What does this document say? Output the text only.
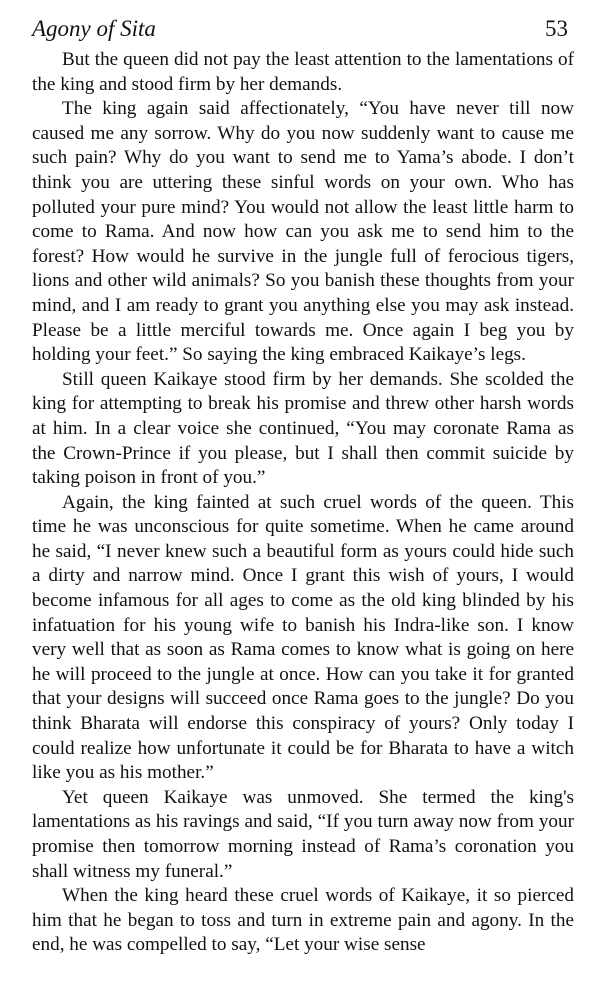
Agony of Sita	53

But the queen did not pay the least attention to the lamentations of the king and stood firm by her demands.

The king again said affectionately, “You have never till now caused me any sorrow. Why do you now suddenly want to cause me such pain? Why do you want to send me to Yama’s abode. I don’t think you are uttering these sinful words on your own. Who has polluted your pure mind? You would not allow the least little harm to come to Rama. And now how can you ask me to send him to the forest? How would he survive in the jungle full of ferocious tigers, lions and other wild animals? So you banish these thoughts from your mind, and I am ready to grant you anything else you may ask instead. Please be a little merciful towards me. Once again I beg you by holding your feet.” So saying the king embraced Kaikaye’s legs.

Still queen Kaikaye stood firm by her demands. She scolded the king for attempting to break his promise and threw other harsh words at him. In a clear voice she continued, “You may coronate Rama as the Crown-Prince if you please, but I shall then commit suicide by taking poison in front of you.”

Again, the king fainted at such cruel words of the queen. This time he was unconscious for quite sometime. When he came around he said, “I never knew such a beautiful form as yours could hide such a dirty and narrow mind. Once I grant this wish of yours, I would become infamous for all ages to come as the old king blinded by his infatuation for his young wife to banish his Indra-like son. I know very well that as soon as Rama comes to know what is going on here he will proceed to the jungle at once. How can you take it for granted that your designs will succeed once Rama goes to the jungle? Do you think Bharata will endorse this conspiracy of yours? Only today I could realize how unfortunate it could be for Bharata to have a witch like you as his mother.”

Yet queen Kaikaye was unmoved. She termed the king's lamentations as his ravings and said, “If you turn away now from your promise then tomorrow morning instead of Rama’s coronation you shall witness my funeral.”

When the king heard these cruel words of Kaikaye, it so pierced him that he began to toss and turn in extreme pain and agony. In the end, he was compelled to say, “Let your wise sense
